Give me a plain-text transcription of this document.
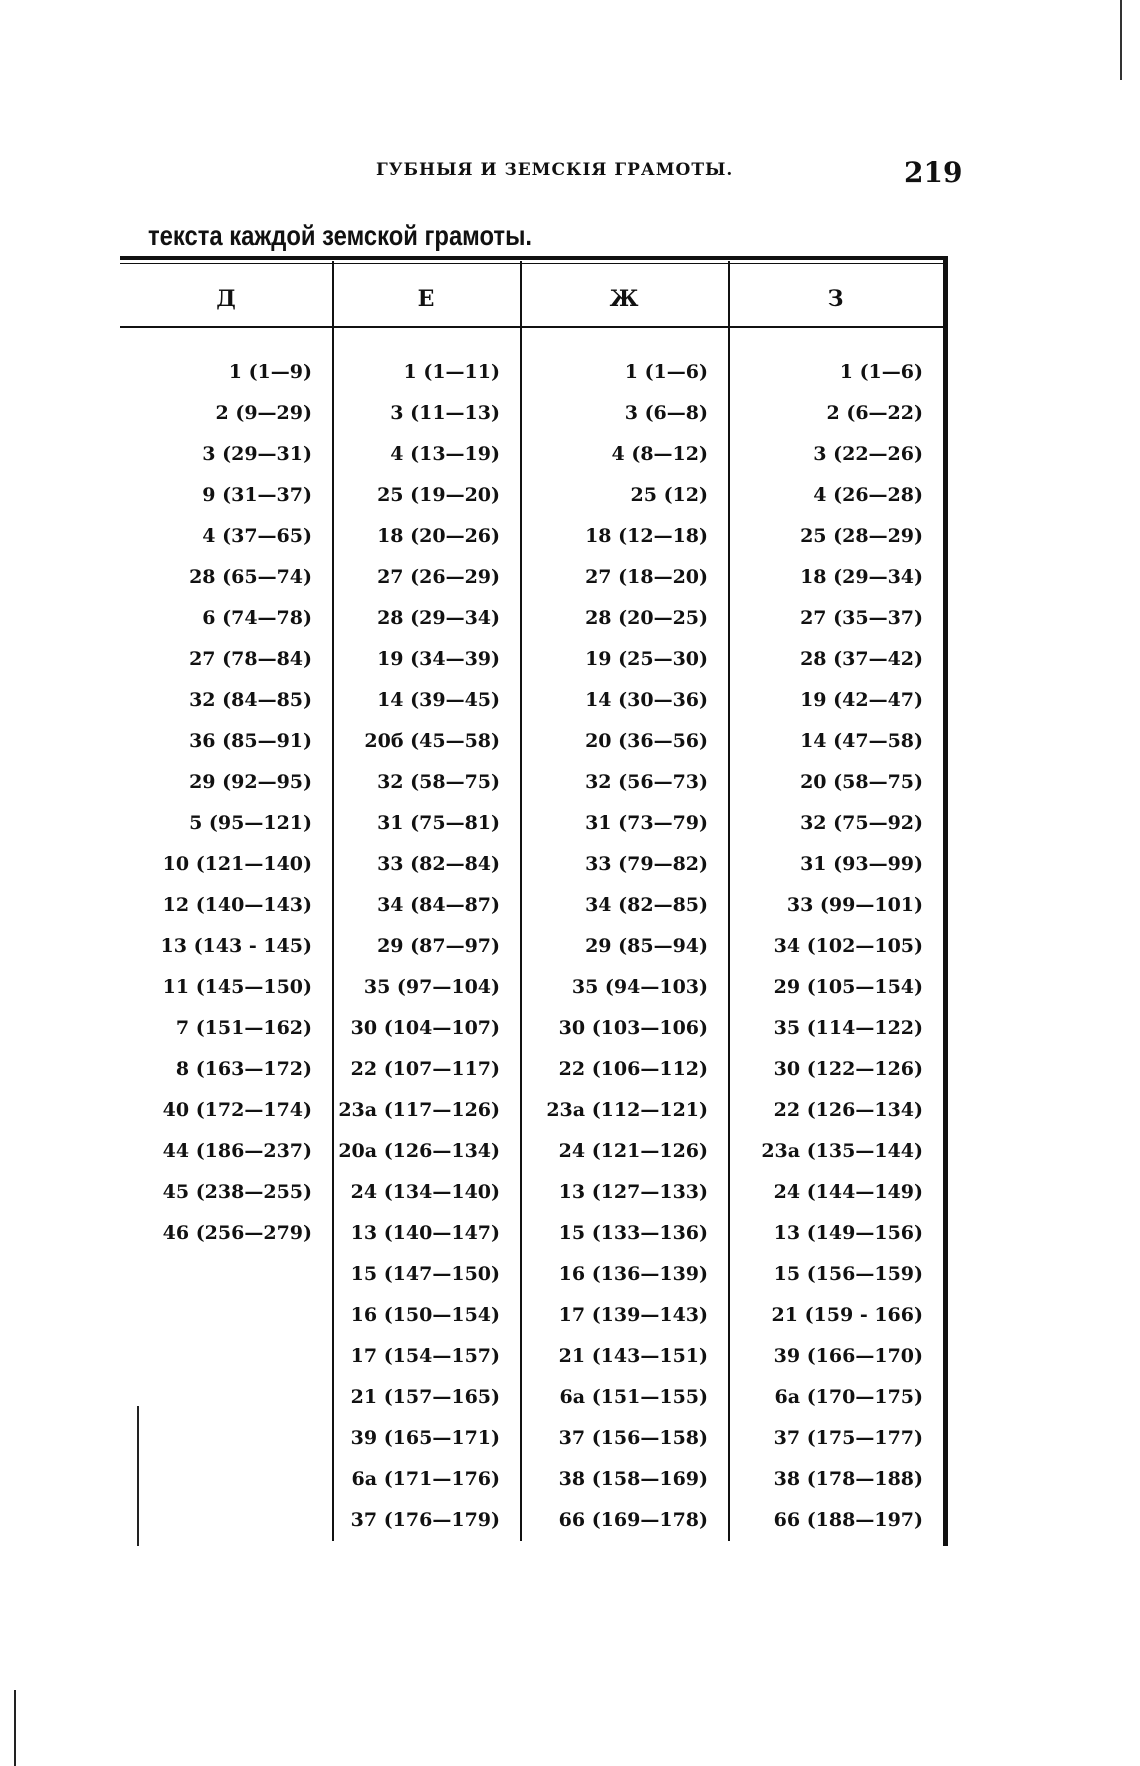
ГУБНЫЯ И ЗЕМСКІЯ ГРАМОТЫ.	219
текста каждой земской грамоты.
Д
1 (1—9)
2 (9—29)
3 (29—31)
9 (31—37)
4 (37—65)
28 (65—74)
6 (74—78)
27 (78—84)
32 (84—85)
36 (85—91)
29 (92—95)
5 (95—121)
10 (121—140)
12 (140—143)
13 (143 - 145)
11 (145—150)
7 (151—162)
8 (163—172)
40 (172—174)
44 (186—237)
45 (238—255)
46 (256—279)
Е
1 (1—11)
3 (11—13)
4 (13—19)
25 (19—20)
18 (20—26)
27 (26—29)
28 (29—34)
19 (34—39)
14 (39—45)
20б (45—58)
32 (58—75)
31 (75—81)
33 (82—84)
34 (84—87)
29 (87—97)
35 (97—104)
30 (104—107)
22 (107—117)
23а (117—126)
20а (126—134)
24 (134—140)
13 (140—147)
15 (147—150)
16 (150—154)
17 (154—157)
21 (157—165)
39 (165—171)
6а (171—176)
37 (176—179)
Ж
1 (1—6)
3 (6—8)
4 (8—12)
25 (12)
18 (12—18)
27 (18—20)
28 (20—25)
19 (25—30)
14 (30—36)
20 (36—56)
32 (56—73)
31 (73—79)
33 (79—82)
34 (82—85)
29 (85—94)
35 (94—103)
30 (103—106)
22 (106—112)
23а (112—121)
24 (121—126)
13 (127—133)
15 (133—136)
16 (136—139)
17 (139—143)
21 (143—151)
6а (151—155)
37 (156—158)
38 (158—169)
66 (169—178)
З
1 (1—6)
2 (6—22)
3 (22—26)
4 (26—28)
25 (28—29)
18 (29—34)
27 (35—37)
28 (37—42)
19 (42—47)
14 (47—58)
20 (58—75)
32 (75—92)
31 (93—99)
33 (99—101)
34 (102—105)
29 (105—154)
35 (114—122)
30 (122—126)
22 (126—134)
23а (135—144)
24 (144—149)
13 (149—156)
15 (156—159)
21 (159 - 166)
39 (166—170)
6а (170—175)
37 (175—177)
38 (178—188)
66 (188—197)
